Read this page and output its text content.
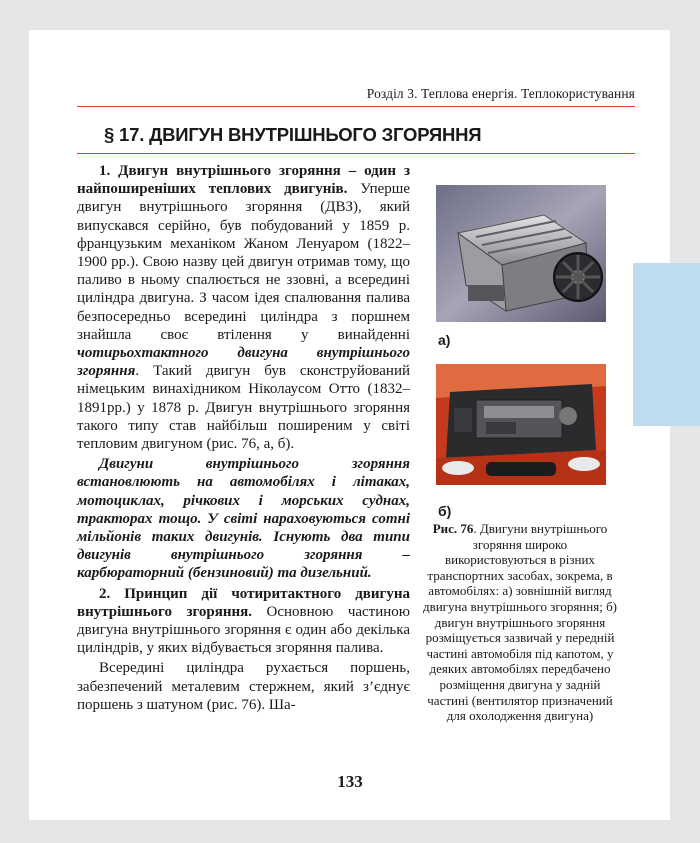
Розділ 3. Теплова енергія. Теплокористування
§ 17. ДВИГУН ВНУТРІШНЬОГО ЗГОРЯННЯ

1. Двигун внутрішнього згоряння – один з найпоширеніших теплових двигунів. Уперше двигун внутрішнього згоряння (ДВЗ), який випускався серійно, був побудований у 1859 р. французьким механіком Жаном Ленуаром (1822–1900 рр.). Свою назву цей двигун отримав тому, що паливо в ньому спалюється не ззовні, а всередині циліндра двигуна. З часом ідея спалювання палива безпосередньо всередині циліндра з поршнем знайшла своє втілення у винайденні чотирьохтактного двигуна внутрішнього згоряння. Такий двигун був сконструйований німецьким винахідником Ніколаусом Отто (1832–1891рр.) у 1878 р. Двигун внутрішнього згоряння такого типу став найбільш поширеним у світі тепловим двигуном (рис. 76, а, б).

Двигуни внутрішнього згоряння встановлюють на автомобілях і літаках, мотоциклах, річкових і морських суднах, тракторах тощо. У світі нараховуються сотні мільйонів таких двигунів. Існують два типи двигунів внутрішнього згоряння – карбюраторний (бензиновий) та дизельний.

2. Принцип дії чотиритактного двигуна внутрішнього згоряння. Основною частиною двигуна внутрішнього згоряння є один або декілька циліндрів, у яких відбувається згоряння палива.

Всередині циліндра рухається поршень, забезпечений металевим стержнем, який з’єднує поршень з шатуном (рис. 76). Ша-

а)
б)
Рис. 76. Двигуни внутрішнього згоряння широко використовуються в різних транспортних засобах, зокрема, в автомобілях: а) зовнішній вигляд двигуна внутрішнього згоряння; б) двигун внутрішнього згоряння розміщується зазвичай у передній частині автомобіля під капотом, у деяких автомобілях передбачено розміщення двигуна у задній частині (вентилятор призначений для охолодження двигуна)
133
